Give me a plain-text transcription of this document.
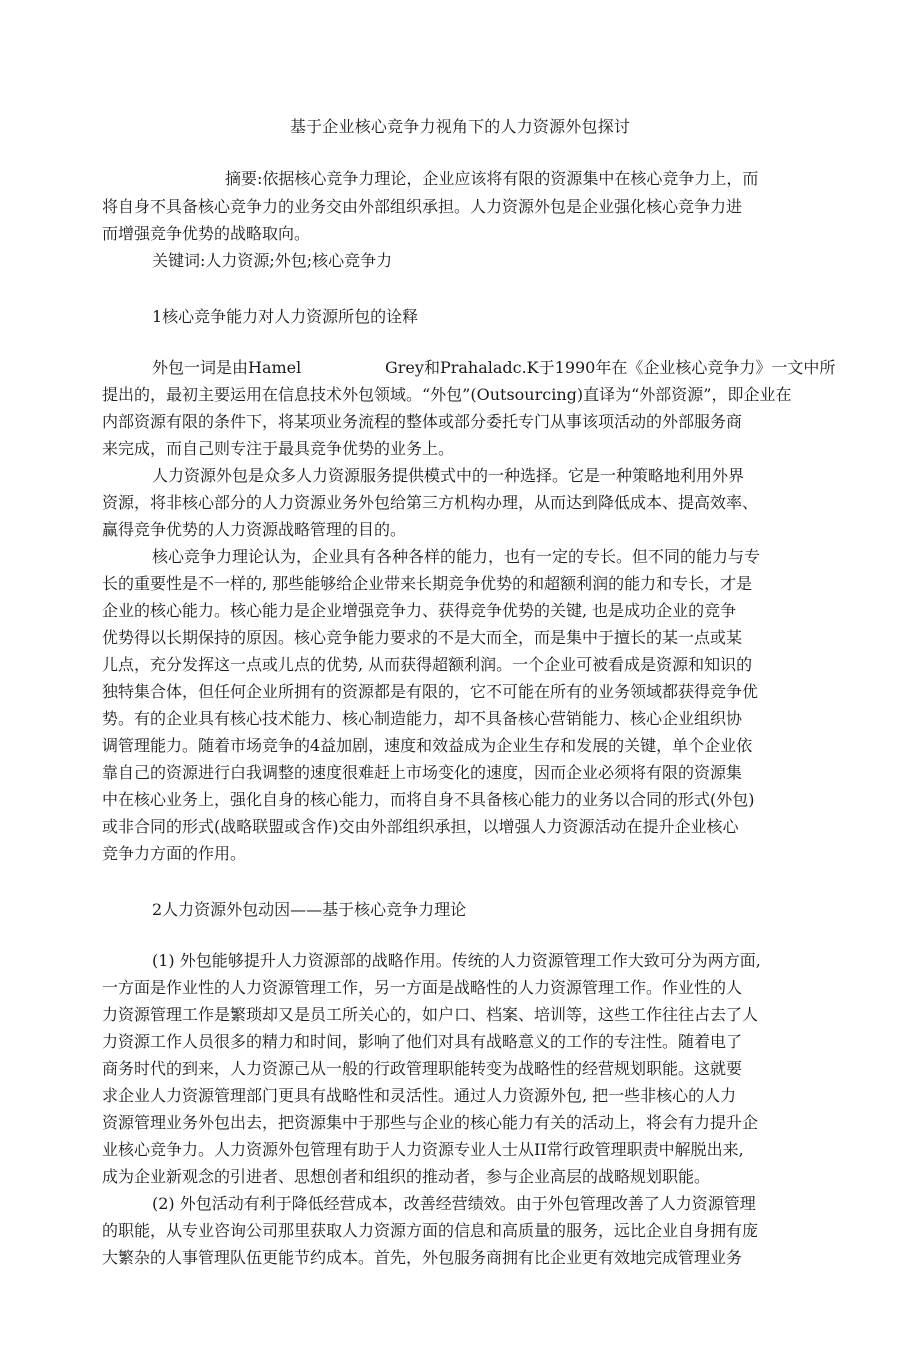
基于企业核心竞争力视角下的人力资源外包探讨
摘要:依据核心竞争力理论，企业应该将有限的资源集中在核心竞争力上，而
将自身不具备核心竞争力的业务交由外部组织承担。人力资源外包是企业强化核心竞争力进
而增强竞争优势的战略取向。
关键词:人力资源;外包;核心竞争力
1核心竞争能力对人力资源所包的诠释
外包一词是由Hamel	Grey和Prahaladc.K于1990年在《企业核心竞争力》一文中所
提出的，最初主要运用在信息技术外包领域。“外包”(Outsourcing)直译为“外部资源”，即企业在
内部资源有限的条件下，将某项业务流程的整体或部分委托专门从事该项活动的外部服务商
来完成，而自己则专注于最具竞争优势的业务上。
人力资源外包是众多人力资源服务提供模式中的一种选择。它是一种策略地利用外界
资源，将非核心部分的人力资源业务外包给第三方机构办理，从而达到降低成本、提高效率、
赢得竞争优势的人力资源战略管理的目的。
核心竞争力理论认为，企业具有各种各样的能力，也有一定的专长。但不同的能力与专
长的重要性是不一样的, 那些能够给企业带来长期竞争优势的和超额利润的能力和专长，才是
企业的核心能力。核心能力是企业增强竞争力、获得竞争优势的关键, 也是成功企业的竞争
优势得以长期保持的原因。核心竞争能力要求的不是大而全，而是集中于擅长的某一点或某
儿点，充分发挥这一点或儿点的优势, 从而获得超额利润。一个企业可被看成是资源和知识的
独特集合体，但任何企业所拥有的资源都是有限的，它不可能在所有的业务领域都获得竞争优
势。有的企业具有核心技术能力、核心制造能力，却不具备核心营销能力、核心企业组织协
调管理能力。随着市场竞争的4益加剧，速度和效益成为企业生存和发展的关键，单个企业依
靠自己的资源进行白我调整的速度很难赶上市场变化的速度，因而企业必须将有限的资源集
中在核心业务上，强化自身的核心能力，而将自身不具备核心能力的业务以合同的形式(外包)
或非合同的形式(战略联盟或含作)交由外部组织承担，以增强人力资源活动在提升企业核心
竞争力方面的作用。
2人力资源外包动因——基于核心竞争力理论
(1) 外包能够提升人力资源部的战略作用。传统的人力资源管理工作大致可分为两方面,
一方面是作业性的人力资源管理工作，另一方面是战略性的人力资源管理工作。作业性的人
力资源管理工作是繁琐却又是员工所关心的，如户口、档案、培训等，这些工作往往占去了人
力资源工作人员很多的精力和时间，影响了他们对具有战略意义的工作的专注性。随着电了
商务时代的到来，人力资源己从一般的行政管理职能转变为战略性的经营规划职能。这就要
求企业人力资源管理部门更具有战略性和灵活性。通过人力资源外包, 把一些非核心的人力
资源管理业务外包出去，把资源集中于那些与企业的核心能力有关的活动上，将会有力提升企
业核心竞争力。人力资源外包管理有助于人力资源专业人士从II常行政管理职责中解脱出来,
成为企业新观念的引进者、思想创者和组织的推动者，参与企业高层的战略规划职能。
(2) 外包活动有利于降低经营成本，改善经营绩效。由于外包管理改善了人力资源管理
的职能，从专业咨询公司那里获取人力资源方面的信息和高质量的服务，远比企业自身拥有庞
大繁杂的人事管理队伍更能节约成本。首先，外包服务商拥有比企业更有效地完成管理业务
